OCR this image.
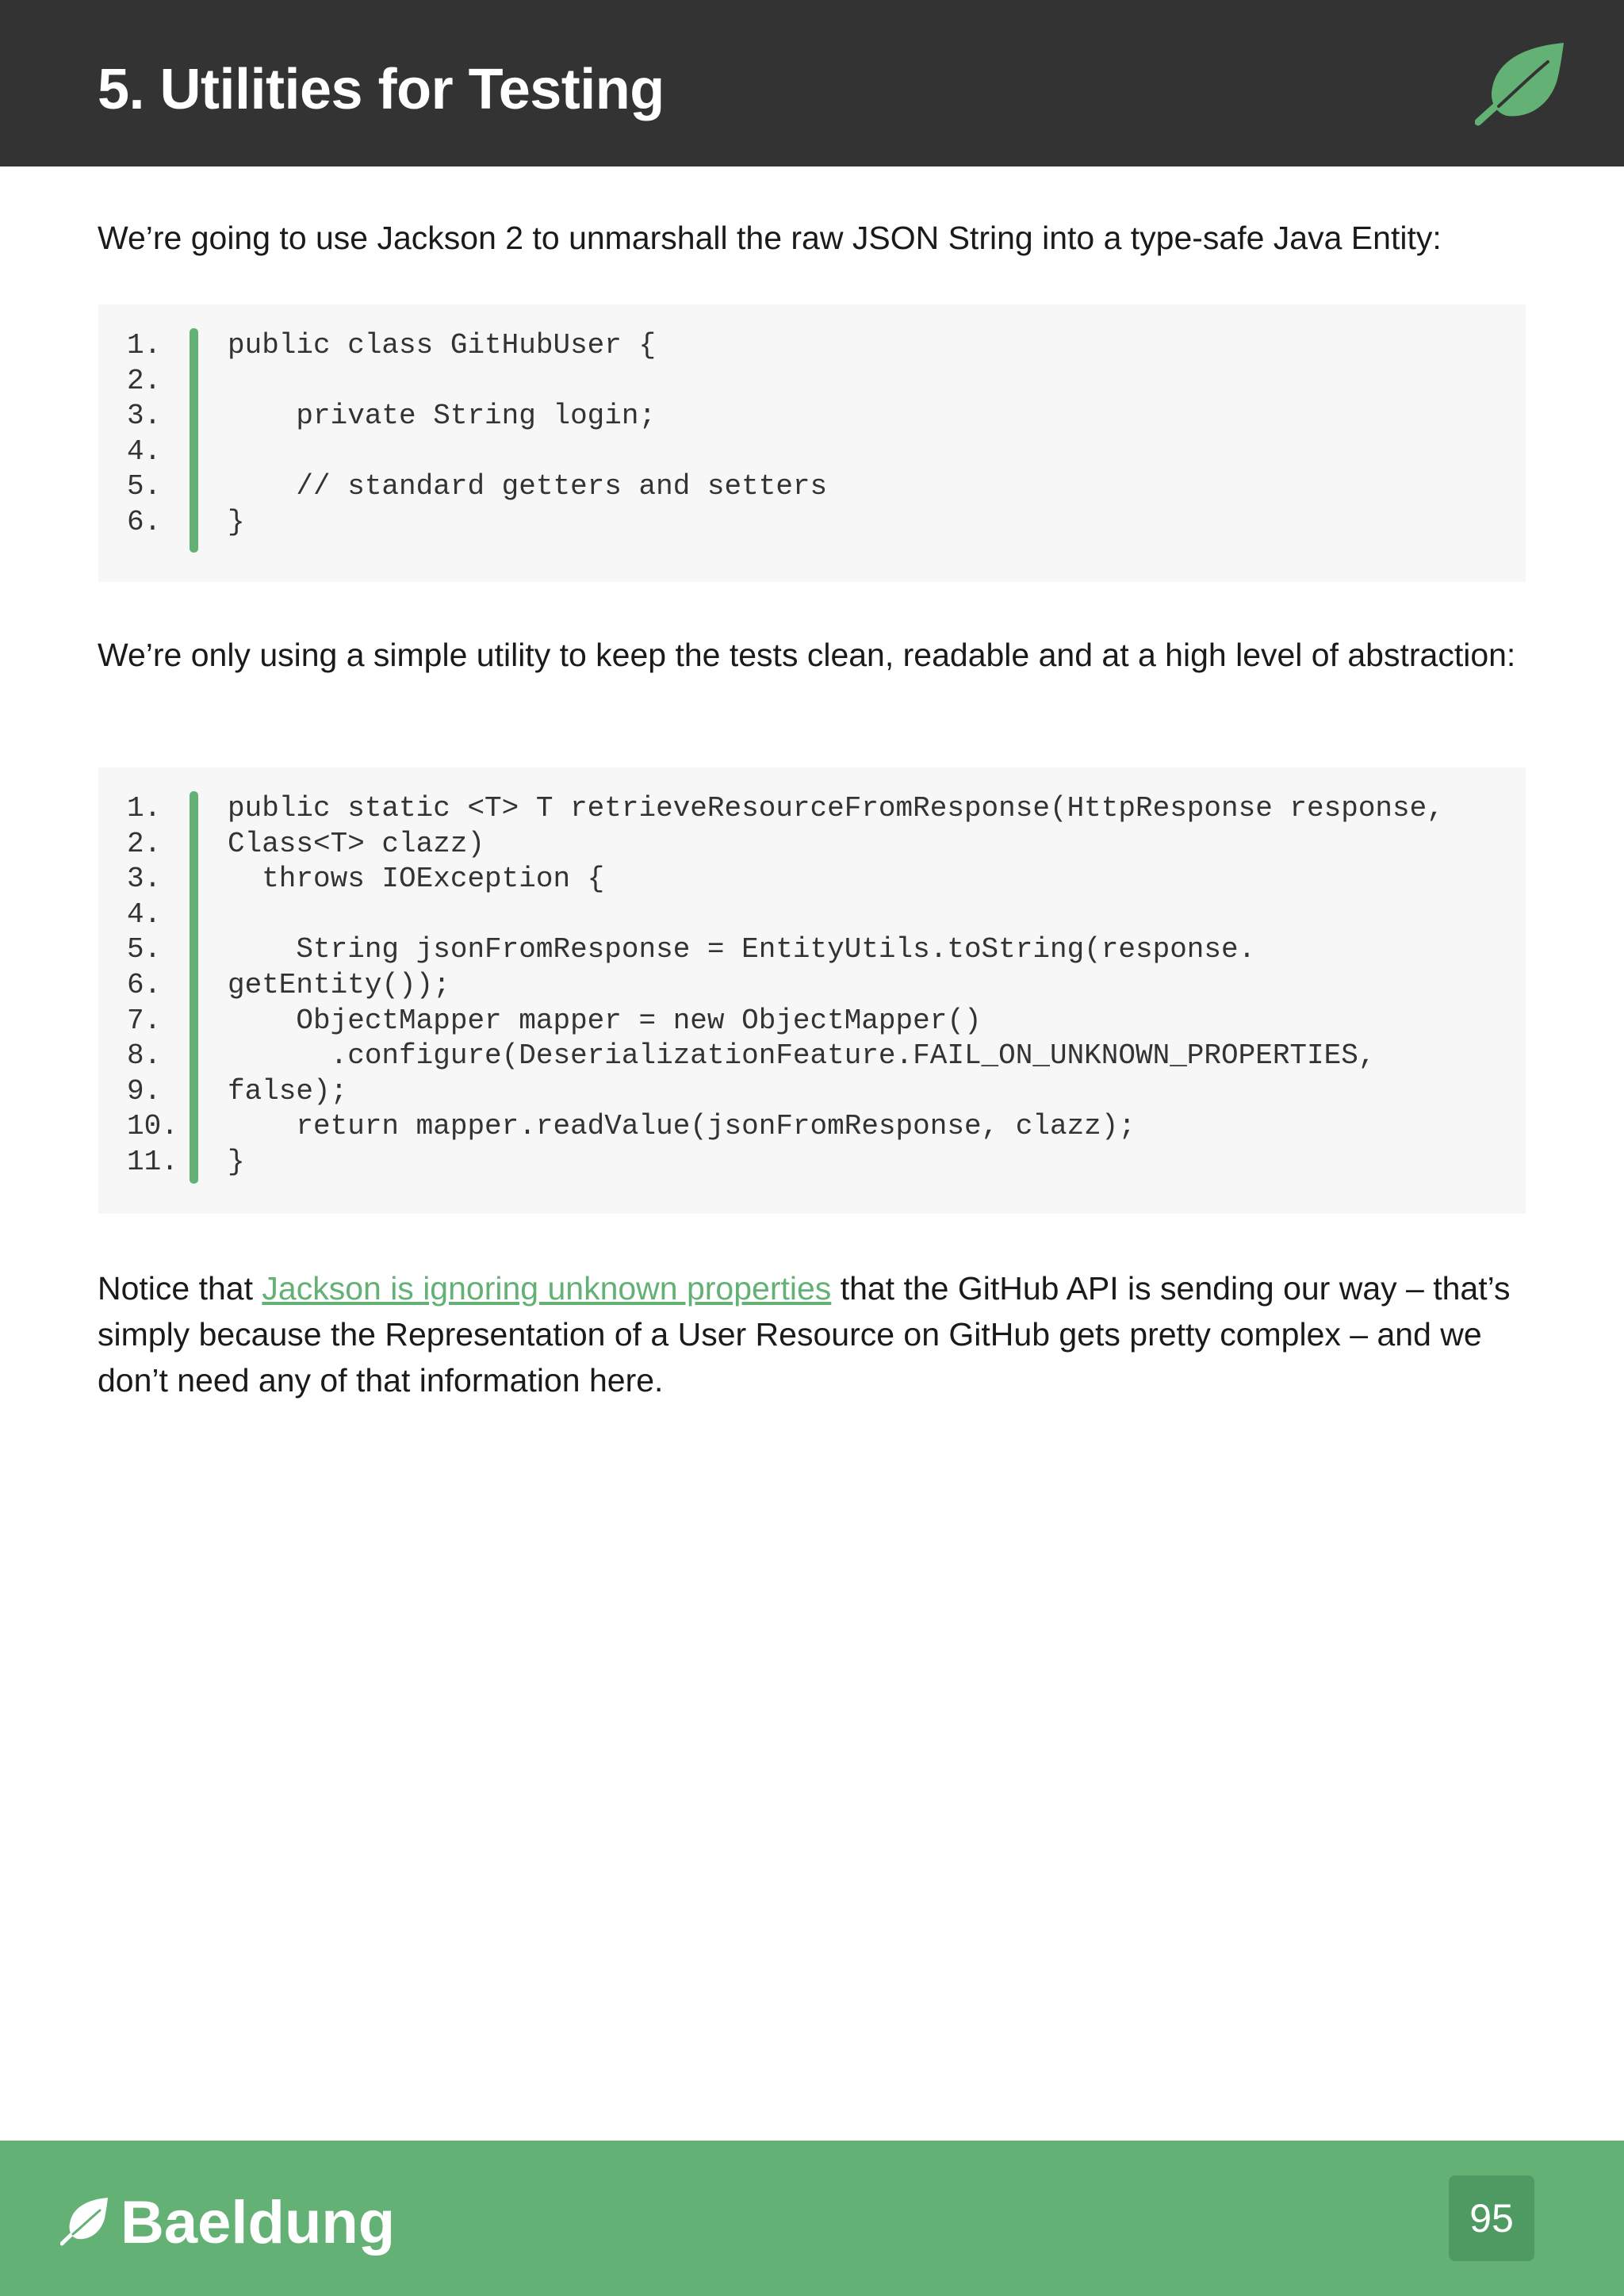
5. Utilities for Testing
We’re going to use Jackson 2 to unmarshall the raw JSON String into a type-safe Java Entity:
1. public class GitHubUser {
2.
3. private String login;
4.
5. // standard getters and setters
6. }
We’re only using a simple utility to keep the tests clean, readable and at a high level of abstraction:
1. public static <T> T retrieveResourceFromResponse(HttpResponse response,
2. Class<T> clazz)
3. throws IOException {
4.
5. String jsonFromResponse = EntityUtils.toString(response.
6. getEntity());
7. ObjectMapper mapper = new ObjectMapper()
8. .configure(DeserializationFeature.FAIL_ON_UNKNOWN_PROPERTIES,
9. false);
10. return mapper.readValue(jsonFromResponse, clazz);
11. }
Notice that Jackson is ignoring unknown properties that the GitHub API is sending our way – that’s simply because the Representation of a User Resource on GitHub gets pretty complex – and we don’t need any of that information here.
Baeldung	95
